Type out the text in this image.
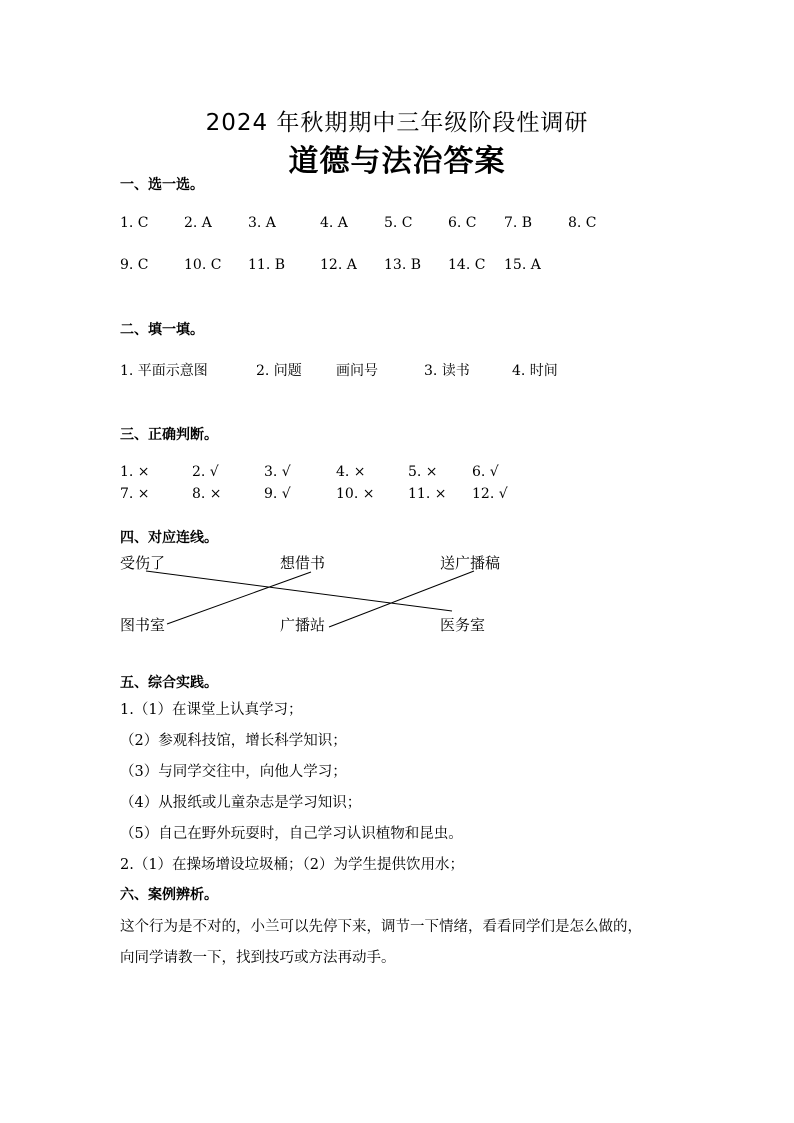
2024 年秋期期中三年级阶段性调研
道德与法治答案
一、选一选。
1. C	2. A	3. A	4. A	5. C	6. C 7. B	8. C
9. C	10. C 11. B 12. A 13. B 14. C 15. A
二、填一填。
1. 平面示意图	2. 问题 画问号	3. 读书	4. 时间
三、正确判断。
1. ×	2. √	3. √	4. ×	5. × 6. √
7. ×	8. ×	9. √	10. × 11. × 12. √
四、对应连线。
受伤了	想借书	送广播稿
图书室	广播站	医务室
五、综合实践。
1.（1）在课堂上认真学习；
（2）参观科技馆，增长科学知识；
（3）与同学交往中，向他人学习；
（4）从报纸或儿童杂志是学习知识；
（5）自己在野外玩耍时，自己学习认识植物和昆虫。
2.（1）在操场增设垃圾桶；（2）为学生提供饮用水；
六、案例辨析。
这个行为是不对的，小兰可以先停下来，调节一下情绪，看看同学们是怎么做的，
向同学请教一下，找到技巧或方法再动手。
